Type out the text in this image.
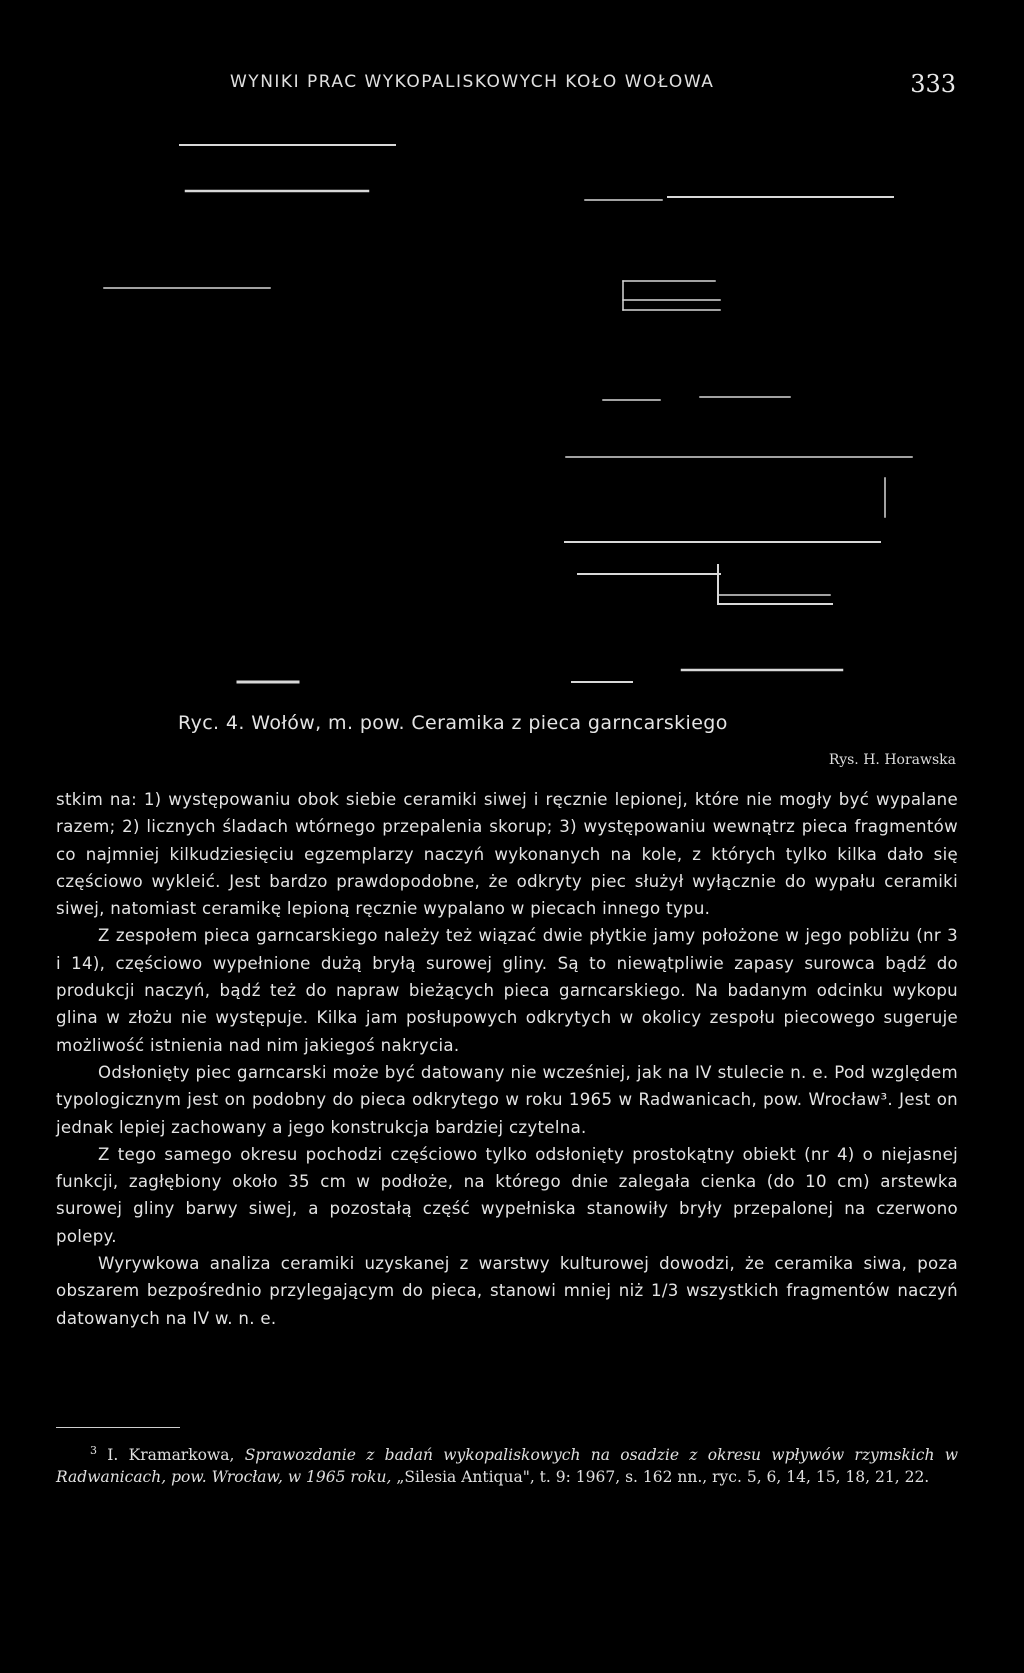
WYNIKI PRAC WYKOPALISKOWYCH KOŁO WOŁOWA	333
Ryc. 4. Wołów, m. pow. Ceramika z pieca garncarskiego
Rys. H. Horawska

stkim na: 1) występowaniu obok siebie ceramiki siwej i ręcznie lepionej, które nie mogły być wypalane razem; 2) licznych śladach wtórnego przepalenia skorup; 3) występowaniu wewnątrz pieca fragmentów co najmniej kilkudziesięciu egzemplarzy naczyń wykonanych na kole, z których tylko kilka dało się częściowo wykleić. Jest bardzo prawdopodobne, że odkryty piec służył wyłącznie do wypału ceramiki siwej, natomiast ceramikę lepioną ręcznie wypalano w piecach innego typu.

Z zespołem pieca garncarskiego należy też wiązać dwie płytkie jamy położone w jego pobliżu (nr 3 i 14), częściowo wypełnione dużą bryłą surowej gliny. Są to niewątpliwie zapasy surowca bądź do produkcji naczyń, bądź też do napraw bieżących pieca garncarskiego. Na badanym odcinku wykopu glina w złożu nie występuje. Kilka jam posłupowych odkrytych w okolicy zespołu piecowego sugeruje możliwość istnienia nad nim jakiegoś nakrycia.

Odsłonięty piec garncarski może być datowany nie wcześniej, jak na IV stulecie n. e. Pod względem typologicznym jest on podobny do pieca odkrytego w roku 1965 w Radwanicach, pow. Wrocław³. Jest on jednak lepiej zachowany a jego konstrukcja bardziej czytelna.

Z tego samego okresu pochodzi częściowo tylko odsłonięty prostokątny obiekt (nr 4) o niejasnej funkcji, zagłębiony około 35 cm w podłoże, na którego dnie zalegała cienka (do 10 cm) arstewka surowej gliny barwy siwej, a pozostałą część wypełniska stanowiły bryły przepalonej na czerwono polepy.

Wyrywkowa analiza ceramiki uzyskanej z warstwy kulturowej dowodzi, że ceramika siwa, poza obszarem bezpośrednio przylegającym do pieca, stanowi mniej niż 1/3 wszystkich fragmentów naczyń datowanych na IV w. n. e.

$^3$ I. Kramarkowa, Sprawozdanie z badań wykopaliskowych na osadzie z okresu wpływów rzymskich w Radwanicach, pow. Wrocław, w 1965 roku, „Silesia Antiqua", t. 9: 1967, s. 162 nn., ryc. 5, 6, 14, 15, 18, 21, 22.
